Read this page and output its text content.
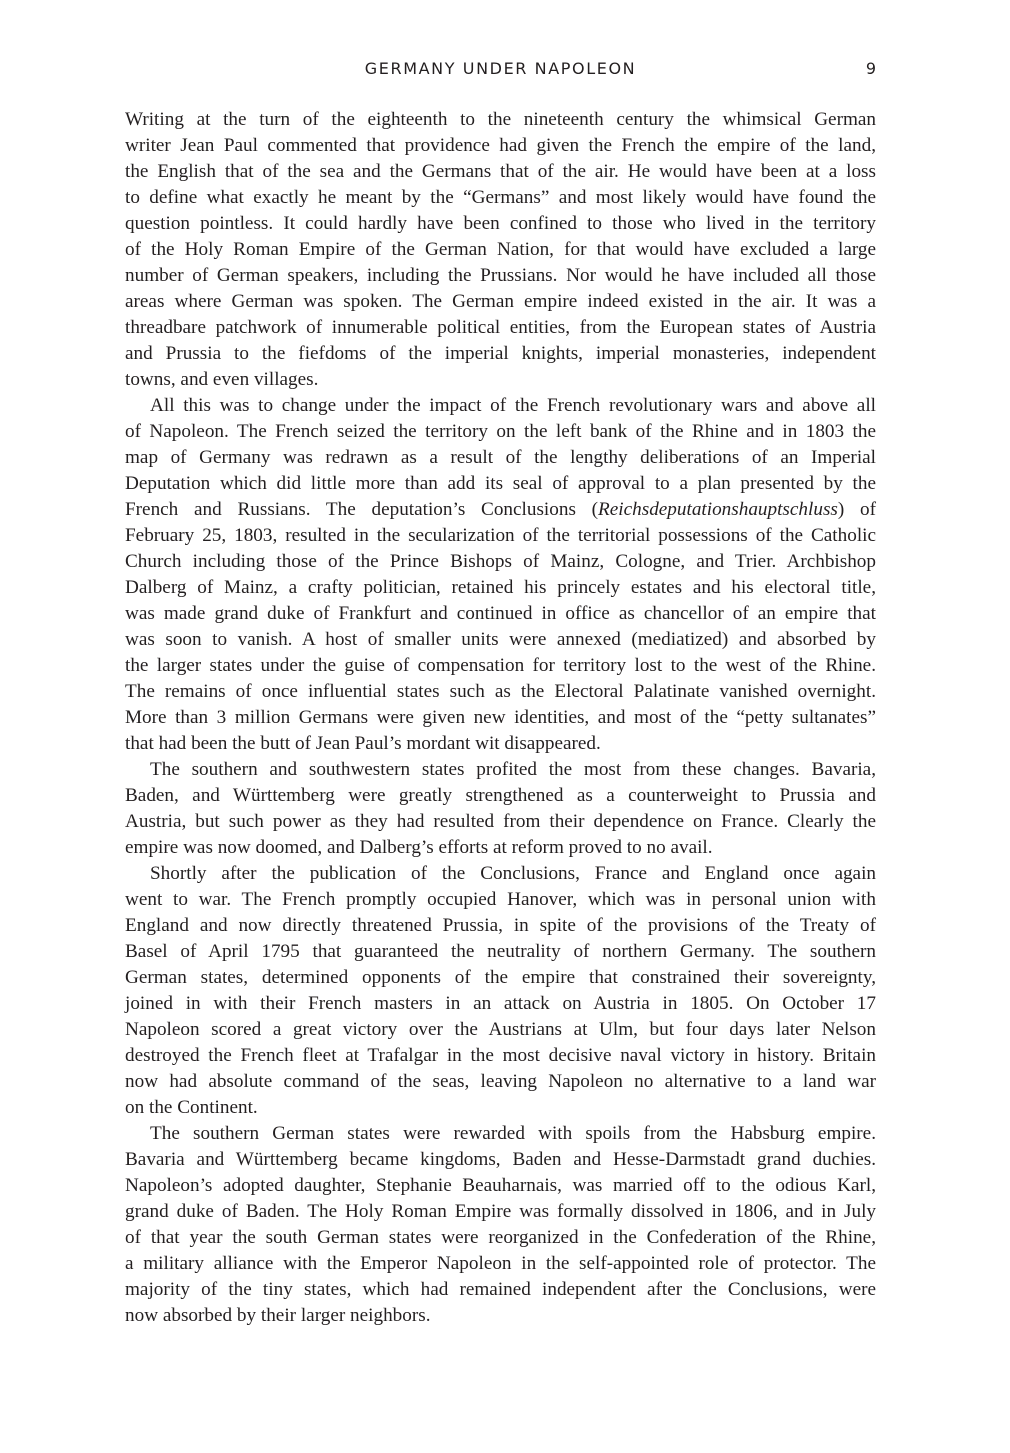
GERMANY UNDER NAPOLEON	9
Writing at the turn of the eighteenth to the nineteenth century the whimsical German
writer Jean Paul commented that providence had given the French the empire of the land,
the English that of the sea and the Germans that of the air. He would have been at a loss
to define what exactly he meant by the “Germans” and most likely would have found the
question pointless. It could hardly have been confined to those who lived in the territory
of the Holy Roman Empire of the German Nation, for that would have excluded a large
number of German speakers, including the Prussians. Nor would he have included all those
areas where German was spoken. The German empire indeed existed in the air. It was a
threadbare patchwork of innumerable political entities, from the European states of Austria
and Prussia to the fiefdoms of the imperial knights, imperial monasteries, independent
towns, and even villages.
All this was to change under the impact of the French revolutionary wars and above all
of Napoleon. The French seized the territory on the left bank of the Rhine and in 1803 the
map of Germany was redrawn as a result of the lengthy deliberations of an Imperial
Deputation which did little more than add its seal of approval to a plan presented by the
French and Russians. The deputation’s Conclusions (Reichsdeputationshauptschluss) of
February 25, 1803, resulted in the secularization of the territorial possessions of the Catholic
Church including those of the Prince Bishops of Mainz, Cologne, and Trier. Archbishop
Dalberg of Mainz, a crafty politician, retained his princely estates and his electoral title,
was made grand duke of Frankfurt and continued in office as chancellor of an empire that
was soon to vanish. A host of smaller units were annexed (mediatized) and absorbed by
the larger states under the guise of compensation for territory lost to the west of the Rhine.
The remains of once influential states such as the Electoral Palatinate vanished overnight.
More than 3 million Germans were given new identities, and most of the “petty sultanates”
that had been the butt of Jean Paul’s mordant wit disappeared.
The southern and southwestern states profited the most from these changes. Bavaria,
Baden, and Württemberg were greatly strengthened as a counterweight to Prussia and
Austria, but such power as they had resulted from their dependence on France. Clearly the
empire was now doomed, and Dalberg’s efforts at reform proved to no avail.
Shortly after the publication of the Conclusions, France and England once again
went to war. The French promptly occupied Hanover, which was in personal union with
England and now directly threatened Prussia, in spite of the provisions of the Treaty of
Basel of April 1795 that guaranteed the neutrality of northern Germany. The southern
German states, determined opponents of the empire that constrained their sovereignty,
joined in with their French masters in an attack on Austria in 1805. On October 17
Napoleon scored a great victory over the Austrians at Ulm, but four days later Nelson
destroyed the French fleet at Trafalgar in the most decisive naval victory in history. Britain
now had absolute command of the seas, leaving Napoleon no alternative to a land war
on the Continent.
The southern German states were rewarded with spoils from the Habsburg empire.
Bavaria and Württemberg became kingdoms, Baden and Hesse-Darmstadt grand duchies.
Napoleon’s adopted daughter, Stephanie Beauharnais, was married off to the odious Karl,
grand duke of Baden. The Holy Roman Empire was formally dissolved in 1806, and in July
of that year the south German states were reorganized in the Confederation of the Rhine,
a military alliance with the Emperor Napoleon in the self-appointed role of protector. The
majority of the tiny states, which had remained independent after the Conclusions, were
now absorbed by their larger neighbors.
